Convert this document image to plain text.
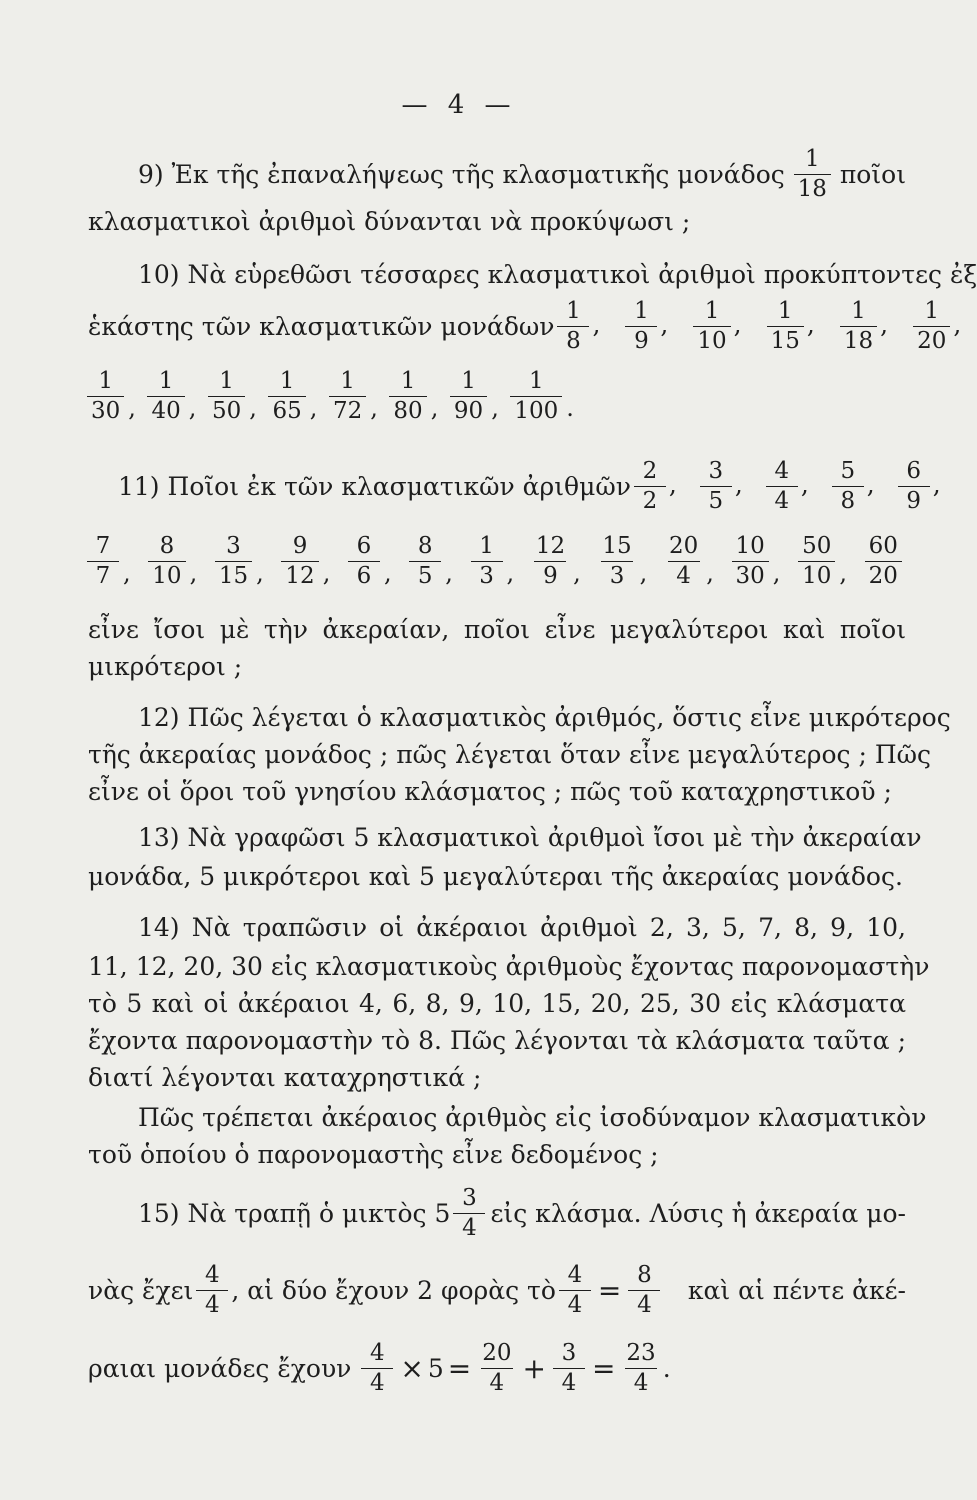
— 4 —
9) Ἐκ τῆς ἐπαναλήψεως τῆς κλασματικῆς μονάδος $\frac{1}{18}$ ποῖοι
κλασματικοὶ ἀριθμοὶ δύνανται νὰ προκύψωσι ;
10) Νὰ εὑρεθῶσι τέσσαρες κλασματικοὶ ἀριθμοὶ προκύπτοντες ἐξ
ἑκάστης τῶν κλασματικῶν μονάδων $\frac{1}{8}$ , $\frac{1}{9}$ , $\frac{1}{10}$ , $\frac{1}{15}$ , $\frac{1}{18}$ , $\frac{1}{20}$ ,
$\frac{1}{30}$ , $\frac{1}{40}$ , $\frac{1}{50}$ , $\frac{1}{65}$ , $\frac{1}{72}$ , $\frac{1}{80}$ , $\frac{1}{90}$ , $\frac{1}{100}$ .
11) Ποῖοι ἐκ τῶν κλασματικῶν ἀριθμῶν $\frac{2}{2}$ , $\frac{3}{5}$ , $\frac{4}{4}$ , $\frac{5}{8}$ , $\frac{6}{9}$ ,
$\frac{7}{7}$ , $\frac{8}{10}$ , $\frac{3}{15}$ , $\frac{9}{12}$ , $\frac{6}{6}$ , $\frac{8}{5}$ , $\frac{1}{3}$ , $\frac{12}{9}$ , $\frac{15}{3}$ , $\frac{20}{4}$ , $\frac{10}{30}$ , $\frac{50}{10}$ , $\frac{60}{20}$
εἶνε ἴσοι μὲ τὴν ἀκεραίαν, ποῖοι εἶνε μεγαλύτεροι καὶ ποῖοι
μικρότεροι ;
12) Πῶς λέγεται ὁ κλασματικὸς ἀριθμός, ὅστις εἶνε μικρότερος
τῆς ἀκεραίας μονάδος ; πῶς λέγεται ὅταν εἶνε μεγαλύτερος ; Πῶς
εἶνε οἱ ὅροι τοῦ γνησίου κλάσματος ; πῶς τοῦ καταχρηστικοῦ ;
13) Νὰ γραφῶσι 5 κλασματικοὶ ἀριθμοὶ ἴσοι μὲ τὴν ἀκεραίαν
μονάδα, 5 μικρότεροι καὶ 5 μεγαλύτεραι τῆς ἀκεραίας μονάδος.
14) Νὰ τραπῶσιν οἱ ἀκέραιοι ἀριθμοὶ 2, 3, 5, 7, 8, 9, 10,
11, 12, 20, 30 εἰς κλασματικοὺς ἀριθμοὺς ἔχοντας παρονομαστὴν
τὸ 5 καὶ οἱ ἀκέραιοι 4, 6, 8, 9, 10, 15, 20, 25, 30 εἰς κλάσματα
ἔχοντα παρονομαστὴν τὸ 8. Πῶς λέγονται τὰ κλάσματα ταῦτα ;
διατί λέγονται καταχρηστικά ;
Πῶς τρέπεται ἀκέραιος ἀριθμὸς εἰς ἰσοδύναμον κλασματικὸν
τοῦ ὁποίου ὁ παρονομαστὴς εἶνε δεδομένος ;
15) Νὰ τραπῇ ὁ μικτὸς $5 \frac{3}{4}$ εἰς κλάσμα. Λύσις ἡ ἀκεραία μο-
νὰς ἔχει $\frac{4}{4}$ , αἱ δύο ἔχουν 2 φορὰς τὸ $\frac{4}{4} = \frac{8}{4}$ καὶ αἱ πέντε ἀκέ-
ραιαι μονάδες ἔχουν $\frac{4}{4} \times 5 = \frac{20}{4} + \frac{3}{4} = \frac{23}{4}$ .
